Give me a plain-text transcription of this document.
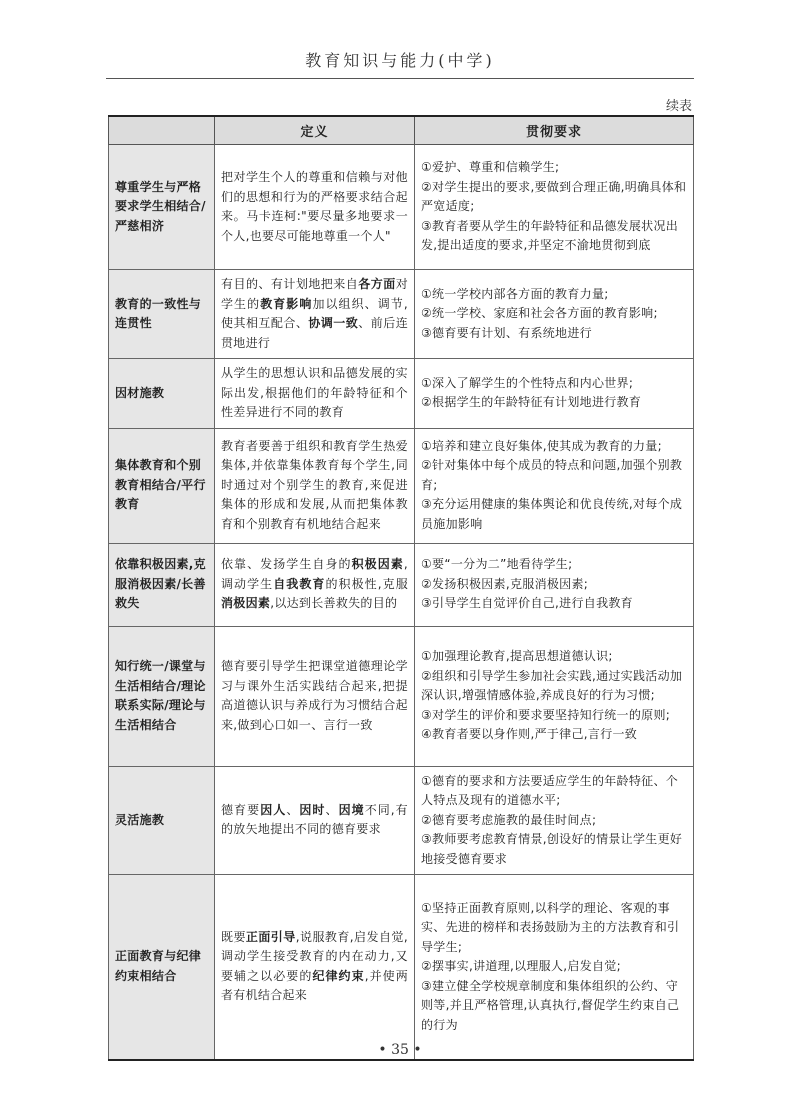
教育知识与能力(中学)
续表
	定义	贯彻要求
尊重学生与严格要求学生相结合/严慈相济	把对学生个人的尊重和信赖与对他们的思想和行为的严格要求结合起来。马卡连柯:"要尽量多地要求一个人,也要尽可能地尊重一个人"	①爱护、尊重和信赖学生;
②对学生提出的要求,要做到合理正确,明确具体和严宽适度;
③教育者要从学生的年龄特征和品德发展状况出发,提出适度的要求,并坚定不渝地贯彻到底

教育的一致性与连贯性	有目的、有计划地把来自各方面对学生的教育影响加以组织、调节,使其相互配合、协调一致、前后连贯地进行	①统一学校内部各方面的教育力量;
②统一学校、家庭和社会各方面的教育影响;
③德育要有计划、有系统地进行

因材施教	从学生的思想认识和品德发展的实际出发,根据他们的年龄特征和个性差异进行不同的教育	①深入了解学生的个性特点和内心世界;
②根据学生的年龄特征有计划地进行教育

集体教育和个别教育相结合/平行教育	教育者要善于组织和教育学生热爱集体,并依靠集体教育每个学生,同时通过对个别学生的教育,来促进集体的形成和发展,从而把集体教育和个别教育有机地结合起来	①培养和建立良好集体,使其成为教育的力量;
②针对集体中每个成员的特点和问题,加强个别教育;
③充分运用健康的集体舆论和优良传统,对每个成员施加影响

依靠积极因素,克服消极因素/长善救失	依靠、发扬学生自身的积极因素,调动学生自我教育的积极性,克服消极因素,以达到长善救失的目的	①要“一分为二”地看待学生;
②发扬积极因素,克服消极因素;
③引导学生自觉评价自己,进行自我教育

知行统一/课堂与生活相结合/理论联系实际/理论与生活相结合	德育要引导学生把课堂道德理论学习与课外生活实践结合起来,把提高道德认识与养成行为习惯结合起来,做到心口如一、言行一致	①加强理论教育,提高思想道德认识;
②组织和引导学生参加社会实践,通过实践活动加深认识,增强情感体验,养成良好的行为习惯;
③对学生的评价和要求要坚持知行统一的原则;
④教育者要以身作则,严于律己,言行一致

灵活施教	德育要因人、因时、因境不同,有的放矢地提出不同的德育要求	①德育的要求和方法要适应学生的年龄特征、个人特点及现有的道德水平;
②德育要考虑施教的最佳时间点;
③教师要考虑教育情景,创设好的情景让学生更好地接受德育要求

正面教育与纪律约束相结合	既要正面引导,说服教育,启发自觉,调动学生接受教育的内在动力,又要辅之以必要的纪律约束,并使两者有机结合起来	①坚持正面教育原则,以科学的理论、客观的事实、先进的榜样和表扬鼓励为主的方法教育和引导学生;
②摆事实,讲道理,以理服人,启发自觉;
③建立健全学校规章制度和集体组织的公约、守则等,并且严格管理,认真执行,督促学生约束自己的行为
• 35 •
